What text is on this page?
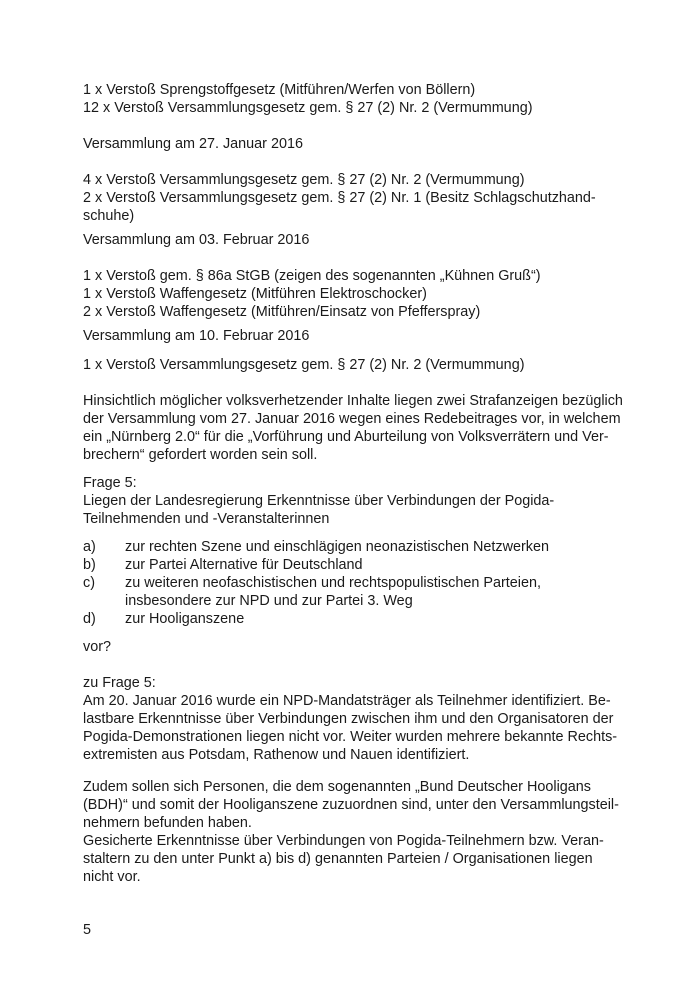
1 x Verstoß Sprengstoffgesetz (Mitführen/Werfen von Böllern)
12 x Verstoß Versammlungsgesetz gem. § 27 (2) Nr. 2 (Vermummung)
Versammlung am 27. Januar 2016
4 x Verstoß Versammlungsgesetz gem. § 27 (2) Nr. 2 (Vermummung)
2 x Verstoß Versammlungsgesetz gem. § 27 (2) Nr. 1 (Besitz Schlagschutzhand-
schuhe)
Versammlung am 03. Februar 2016
1 x Verstoß gem. § 86a StGB (zeigen des sogenannten „Kühnen Gruß“)
1 x Verstoß Waffengesetz (Mitführen Elektroschocker)
2 x Verstoß Waffengesetz (Mitführen/Einsatz von Pfefferspray)
Versammlung am 10. Februar 2016
1 x Verstoß Versammlungsgesetz gem. § 27 (2) Nr. 2 (Vermummung)
Hinsichtlich möglicher volksverhetzender Inhalte liegen zwei Strafanzeigen bezüglich
der Versammlung vom 27. Januar 2016 wegen eines Redebeitrages vor, in welchem
ein „Nürnberg 2.0“ für die „Vorführung und Aburteilung von Volksverrätern und Ver-
brechern“ gefordert worden sein soll.
Frage 5:
Liegen der Landesregierung Erkenntnisse über Verbindungen der Pogida-
Teilnehmenden und -Veranstalterinnen
a) zur rechten Szene und einschlägigen neonazistischen Netzwerken
b) zur Partei Alternative für Deutschland
c) zu weiteren neofaschistischen und rechtspopulistischen Parteien,
insbesondere zur NPD und zur Partei 3. Weg
d) zur Hooliganszene
vor?
zu Frage 5:
Am 20. Januar 2016 wurde ein NPD-Mandatsträger als Teilnehmer identifiziert. Be-
lastbare Erkenntnisse über Verbindungen zwischen ihm und den Organisatoren der
Pogida-Demonstrationen liegen nicht vor. Weiter wurden mehrere bekannte Rechts-
extremisten aus Potsdam, Rathenow und Nauen identifiziert.
Zudem sollen sich Personen, die dem sogenannten „Bund Deutscher Hooligans
(BDH)“ und somit der Hooliganszene zuzuordnen sind, unter den Versammlungsteil-
nehmern befunden haben.
Gesicherte Erkenntnisse über Verbindungen von Pogida-Teilnehmern bzw. Veran-
staltern zu den unter Punkt a) bis d) genannten Parteien / Organisationen liegen
nicht vor.
5
